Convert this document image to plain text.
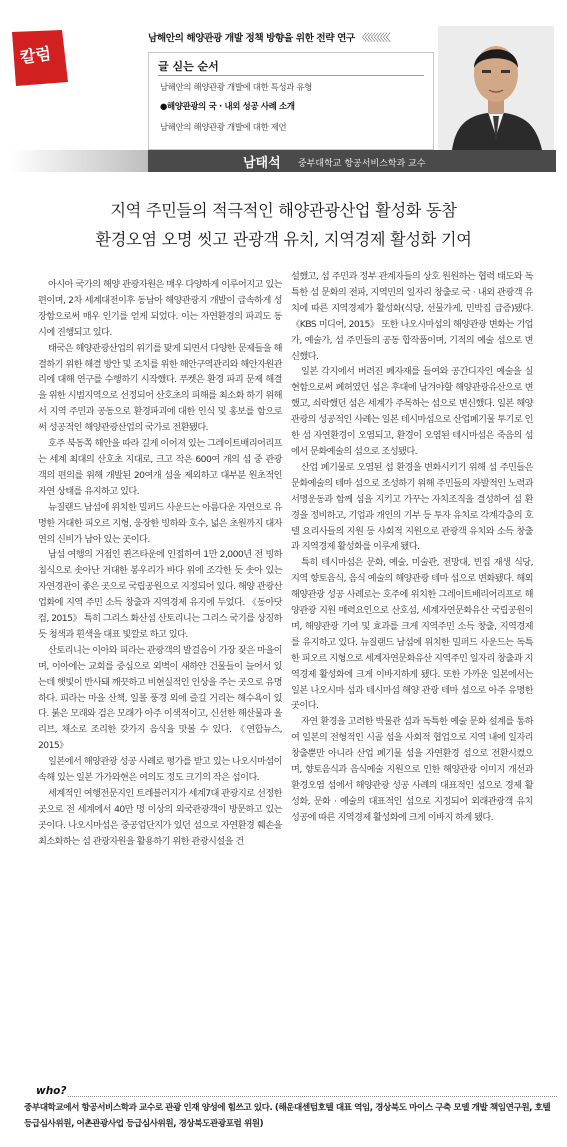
남해안의 해양관광 개발 정책 방향을 위한 전략 연구 〈〈〈〈〈〈〈〈〈
칼럼	글 싣는 순서
남해안의 해양관광 개발에 대한 특성과 유형
●해양관광의 국 · 내외 성공 사례 소개
남해안의 해양관광 개발에 대한 제언
남태석 중부대학교 항공서비스학과 교수
지역 주민들의 적극적인 해양관광산업 활성화 동참
환경오염 오명 씻고 관광객 유치, 지역경제 활성화 기여

아시아 국가의 해양 관광자원은 매우 다양하게 이루어지고 있는 편이며, 2차 세계대전이후 동남아 해양관광지 개발이 급속하게 성장함으로써 매우 인기를 얻게 되었다. 이는 자연환경의 파괴도 동시에 진행되고 있다.

태국은 해양관광산업의 위기를 맞게 되면서 다양한 문제들을 해결하기 위한 해결 방안 및 조치를 위한 해안구역관리와 해안자원관리에 대해 연구를 수행하기 시작했다. 푸켓은 환경 파괴 문제 해결을 위한 시범지역으로 선정되어 산호초의 피해를 최소화 하기 위해서 지역 주민과 공동으로 환경파괴에 대한 인식 및 홍보를 함으로써 성공적인 해양관광산업의 국가로 전환됐다.

호주 북동쪽 해안을 따라 길게 이어져 있는 그레이트배리어리프는 세계 최대의 산호초 지대로, 크고 작은 600여 개의 섬 중 관광객의 편의를 위해 개발된 20여개 섬을 제외하고 대부분 원초적인 자연 상태를 유지하고 있다.

뉴질랜드 남섬에 위치한 밀퍼드 사운드는 아름다운 자연으로 유명한 거대한 피오르 지형, 웅장한 빙하와 호수, 넓은 초원까지 대자연의 신비가 남아 있는 곳이다.

남섬 여행의 거점인 퀸즈타운에 인접하여 1만 2,000년 전 빙하 침식으로 솟아난 거대한 봉우리가 바다 위에 조각한 듯 솟아 있는 자연경관이 좋은 곳으로 국립공원으로 지정되어 있다. 해양 관광산업화에 지역 주민 소득 창출과 지역경제 유지에 두었다. 《동아닷컴, 2015》 특히 그리스 화산섬 산토리니는 그리스 국기를 상징하듯 청색과 흰색을 대표 빛깔로 하고 있다.

산토리니는 이아와 피라는 관광객의 발걸음이 가장 잦은 마을이며, 이아에는 교회를 중심으로 외벽이 새하얀 건물들이 늘어서 있는데 햇빛이 반사돼 깨끗하고 비현실적인 인상을 주는 곳으로 유명하다. 피라는 마을 산책, 일몰 풍경 외에 즐길 거리는 해수욕이 있다. 붉은 모래와 검은 모래가 아주 이색적이고, 신선한 해산물과 올리브, 채소로 조리한 갖가지 음식을 맛볼 수 있다. 《연합뉴스, 2015》

일본에서 해양관광 성공 사례로 평가를 받고 있는 나오시마섬이 속해 있는 일본 가가와현은 여의도 정도 크기의 작은 섬이다.

세계적인 여행전문지인 트레블러지가 세계7대 관광지로 선정한 곳으로 전 세계에서 40만 명 이상의 외국관광객이 방문하고 있는 곳이다. 나오시마섬은 중공업단지가 있던 섬으로 자연환경 훼손을 최소화하는 섬 관광자원을 활용하기 위한 관광시설을 건

설했고, 섬 주민과 정부 관계자들의 상호 원원하는 협력 태도와 독특한 섬 문화의 전파, 지역민의 일자리 창출로 국 · 내외 관광객 유치에 따른 지역경제가 활성화(식당, 선물가게, 민박집 급증)됐다. 《KBS 미디어, 2015》 또한 나오시마섬의 해양관광 변화는 기업가, 예술가, 섬 주민들의 공동 합작품이며, 기적의 예술 섬으로 변신했다.

일본 각지에서 버려진 폐자재를 들여와 공간디자인 예술을 실현함으로써 폐허였던 섬은 후대에 남겨야할 해양관광유산으로 변했고, 쇠락했던 섬은 세계가 주목하는 섬으로 변신했다. 일본 해양관광의 성공적인 사례는 일본 테시마섬으로 산업폐기물 투기로 인한 섬 자연환경이 오염되고, 환경이 오염된 테시마섬은 죽음의 섬에서 문화예술의 섬으로 조성됐다.

산업 폐기물로 오염된 섬 환경을 변화시키기 위해 섬 주민들은 문화예술의 테마 섬으로 조성하기 위해 주민들의 자발적인 노력과 서명운동과 함께 섬을 지키고 가꾸는 자치조직을 결성하여 섬 환경을 정비하고, 기업과 개인의 기부 등 투자 유치로 각계각층의 호텔 요리사들의 지원 등 사회적 지원으로 관광객 유치와 소득 창출과 지역경제 활성화를 이루게 됐다.

특히 테시마섬은 문화, 예술, 미술관, 전망대, 빈집 재생 식당, 지역 향토음식, 음식 예술의 해양관광 테마 섬으로 변화됐다. 해외 해양관광 성공 사례로는 호주에 위치한 그레이트배리어리프로 해양관광 지원 매력요인으로 산호섬, 세계자연문화유산 국립공원이며, 해양관광 기여 및 효과를 크게 지역주민 소득 창출, 지역경제를 유지하고 있다. 뉴질랜드 남섬에 위치한 밀퍼드 사운드는 독특한 피오르 지형으로 세계자연문화유산 지역주민 일자리 창출과 지역경제 활성화에 크게 이바지하게 됐다. 또한 가까운 일본에서는 일본 나오시마 섬과 테시마섬 해양 관광 테마 섬으로 아주 유명한 곳이다.

자연 환경을 고려한 박물관 섬과 독특한 예술 문화 설계를 통하여 일본의 전형적인 시골 섬을 사회적 협업으로 지역 내에 일자리 창출뿐만 아니라 산업 폐기물 섬을 자연환경 섬으로 전환시켰으며, 향토음식과 음식예술 지원으로 인한 해양관광 이미지 개선과 환경오염 섬에서 해양관광 성공 사례의 대표적인 섬으로 경제 활성화, 문화 · 예술의 대표적인 섬으로 지정되어 외래관광객 유치 성공에 따른 지역경제 활성화에 크게 이바지 하게 됐다.

who?
중부대학교에서 항공서비스학과 교수로 관광 인재 양성에 힘쓰고 있다. (해운대센텀호텔 대표 역임, 경상북도 마이스 구축 모델 개발 책임연구원, 호텔등급심사위원, 어촌관광사업 등급심사위원, 경상북도관광포럼 위원)
